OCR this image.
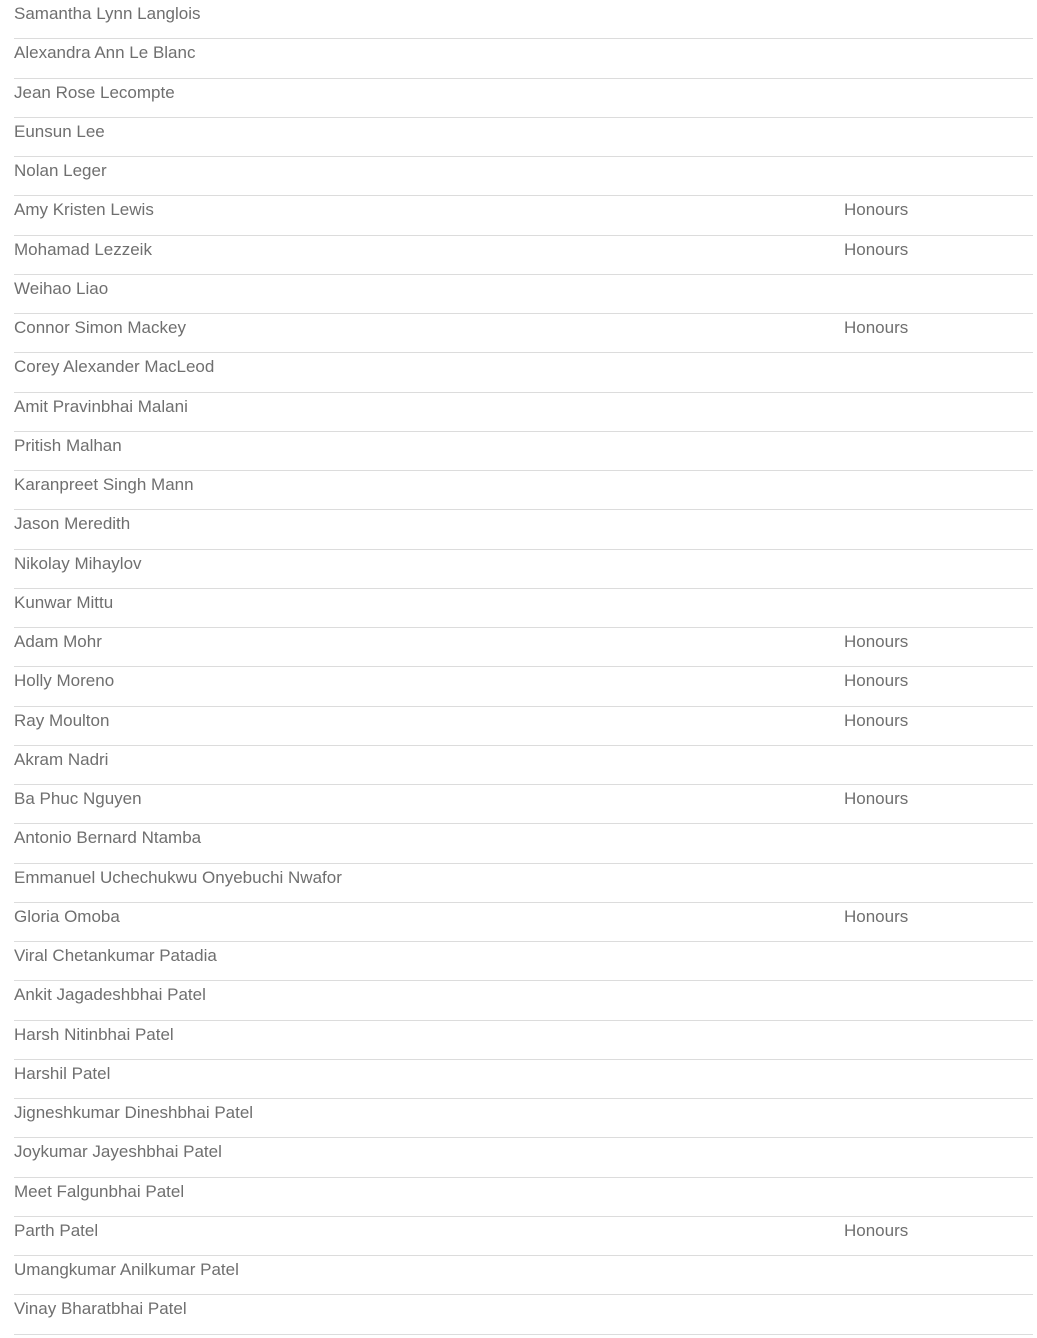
Samantha Lynn Langlois
Alexandra Ann Le Blanc
Jean Rose Lecompte
Eunsun Lee
Nolan Leger
Amy Kristen Lewis	Honours
Mohamad Lezzeik	Honours
Weihao Liao
Connor Simon Mackey	Honours
Corey Alexander MacLeod
Amit Pravinbhai Malani
Pritish Malhan
Karanpreet Singh Mann
Jason Meredith
Nikolay Mihaylov
Kunwar Mittu
Adam Mohr	Honours
Holly Moreno	Honours
Ray Moulton	Honours
Akram Nadri
Ba Phuc Nguyen	Honours
Antonio Bernard Ntamba
Emmanuel Uchechukwu Onyebuchi Nwafor
Gloria Omoba	Honours
Viral Chetankumar Patadia
Ankit Jagadeshbhai Patel
Harsh Nitinbhai Patel
Harshil Patel
Jigneshkumar Dineshbhai Patel
Joykumar Jayeshbhai Patel
Meet Falgunbhai Patel
Parth Patel	Honours
Umangkumar Anilkumar Patel
Vinay Bharatbhai Patel
